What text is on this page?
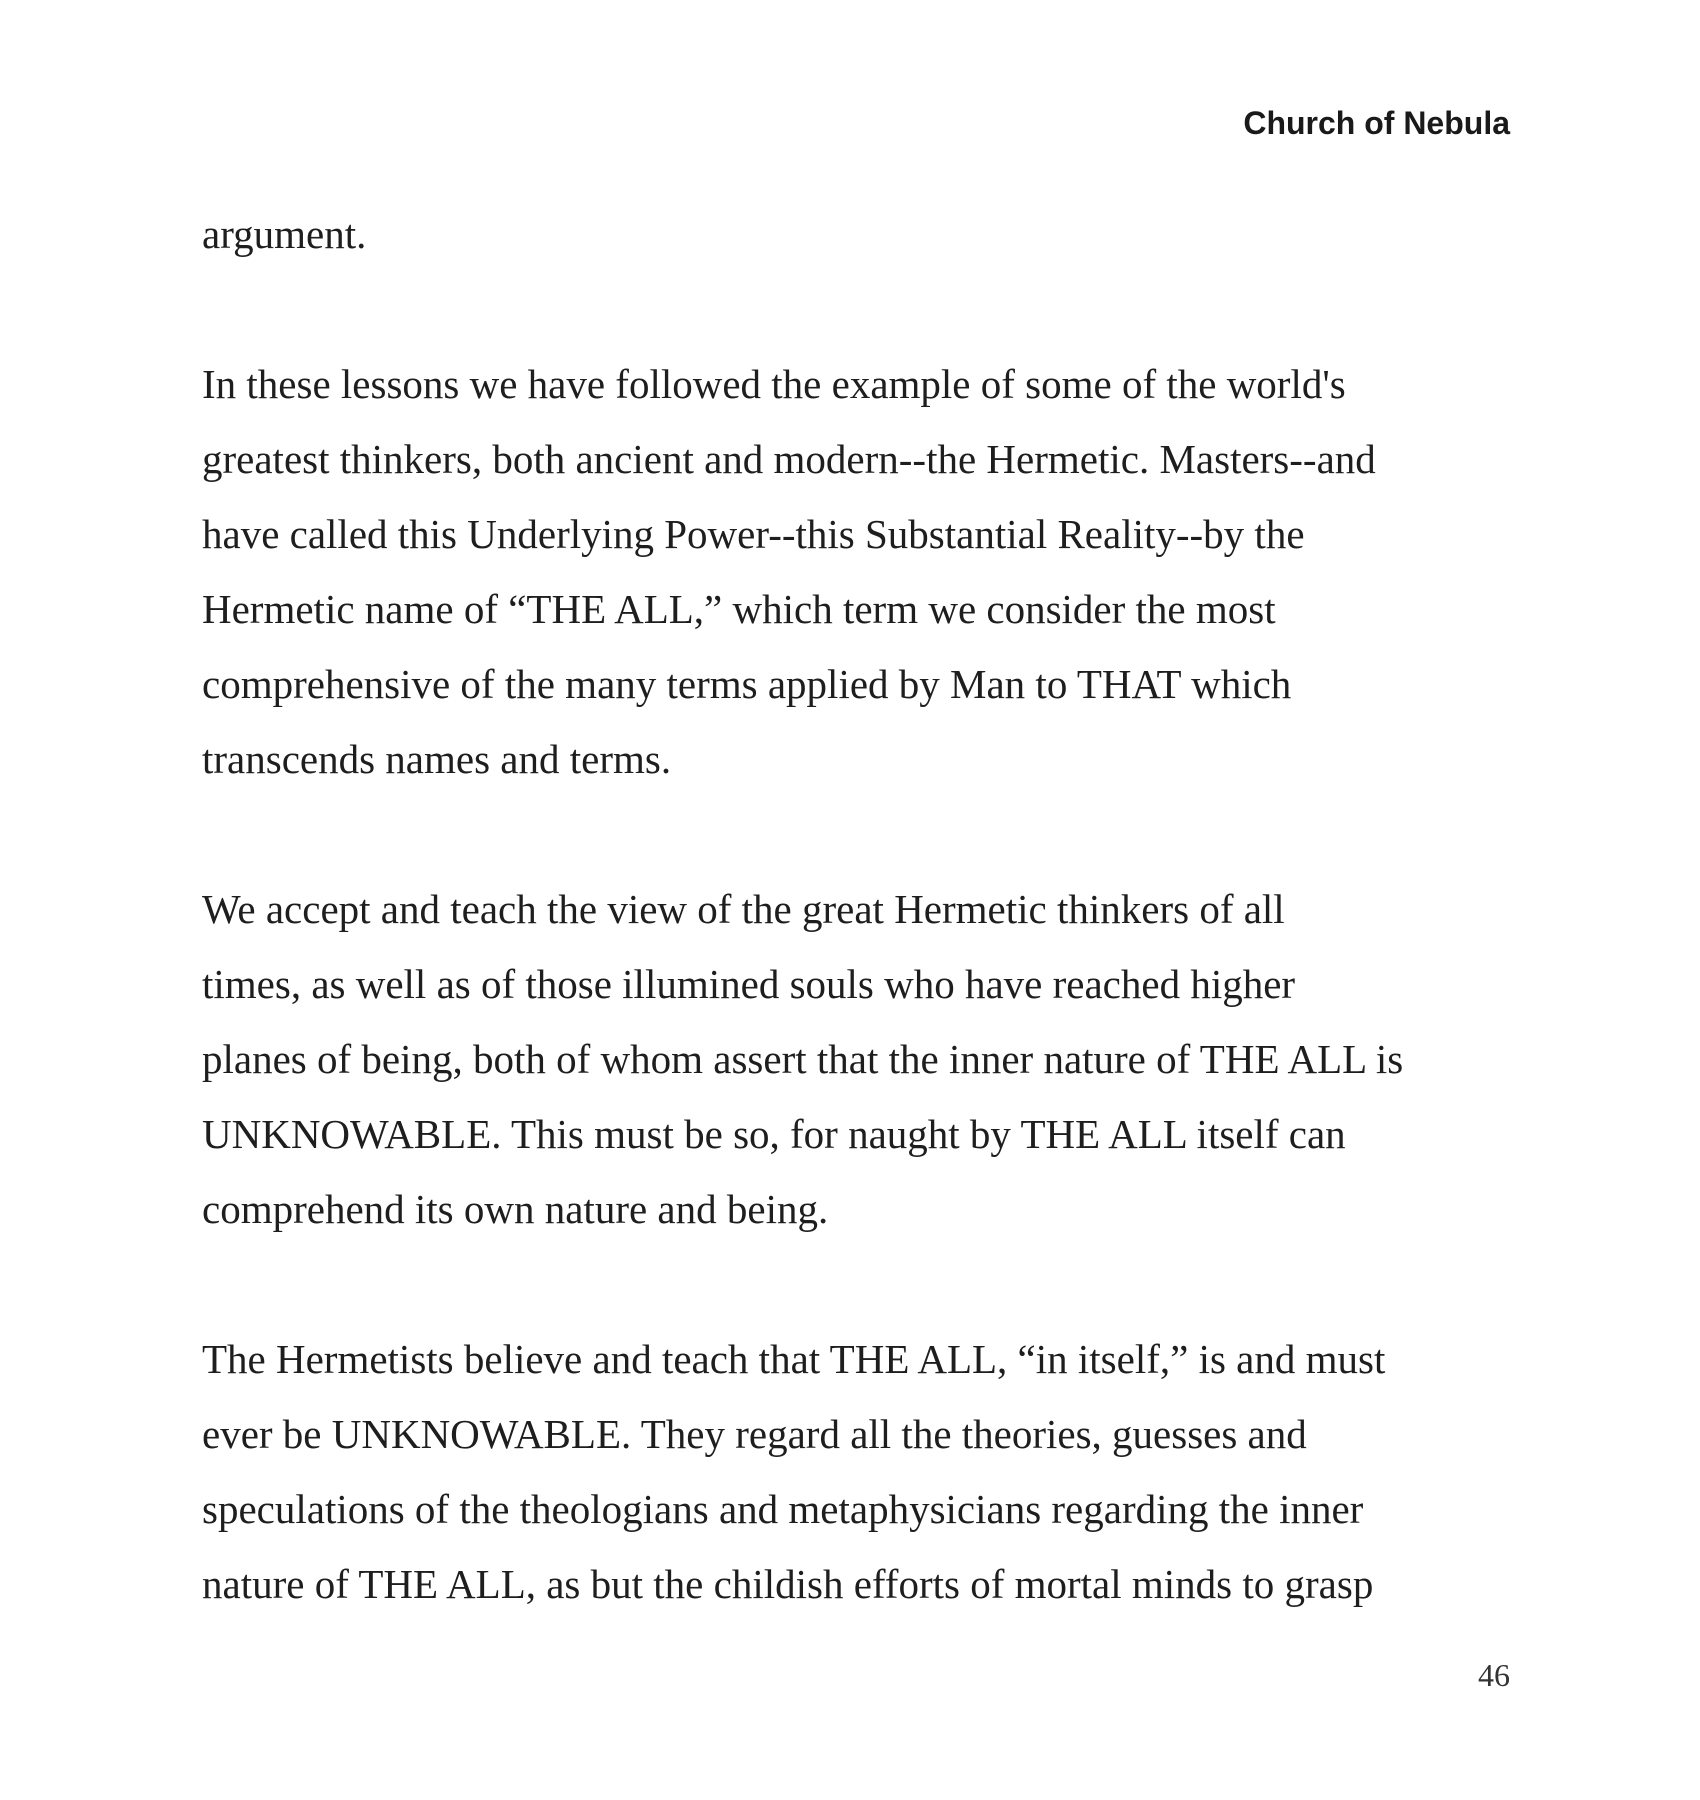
Church of Nebula
argument.
In these lessons we have followed the example of some of the world's
greatest thinkers, both ancient and modern--the Hermetic. Masters--and
have called this Underlying Power--this Substantial Reality--by the
Hermetic name of “THE ALL,” which term we consider the most
comprehensive of the many terms applied by Man to THAT which
transcends names and terms.
We accept and teach the view of the great Hermetic thinkers of all
times, as well as of those illumined souls who have reached higher
planes of being, both of whom assert that the inner nature of THE ALL is
UNKNOWABLE. This must be so, for naught by THE ALL itself can
comprehend its own nature and being.
The Hermetists believe and teach that THE ALL, “in itself,” is and must
ever be UNKNOWABLE. They regard all the theories, guesses and
speculations of the theologians and metaphysicians regarding the inner
nature of THE ALL, as but the childish efforts of mortal minds to grasp
46
